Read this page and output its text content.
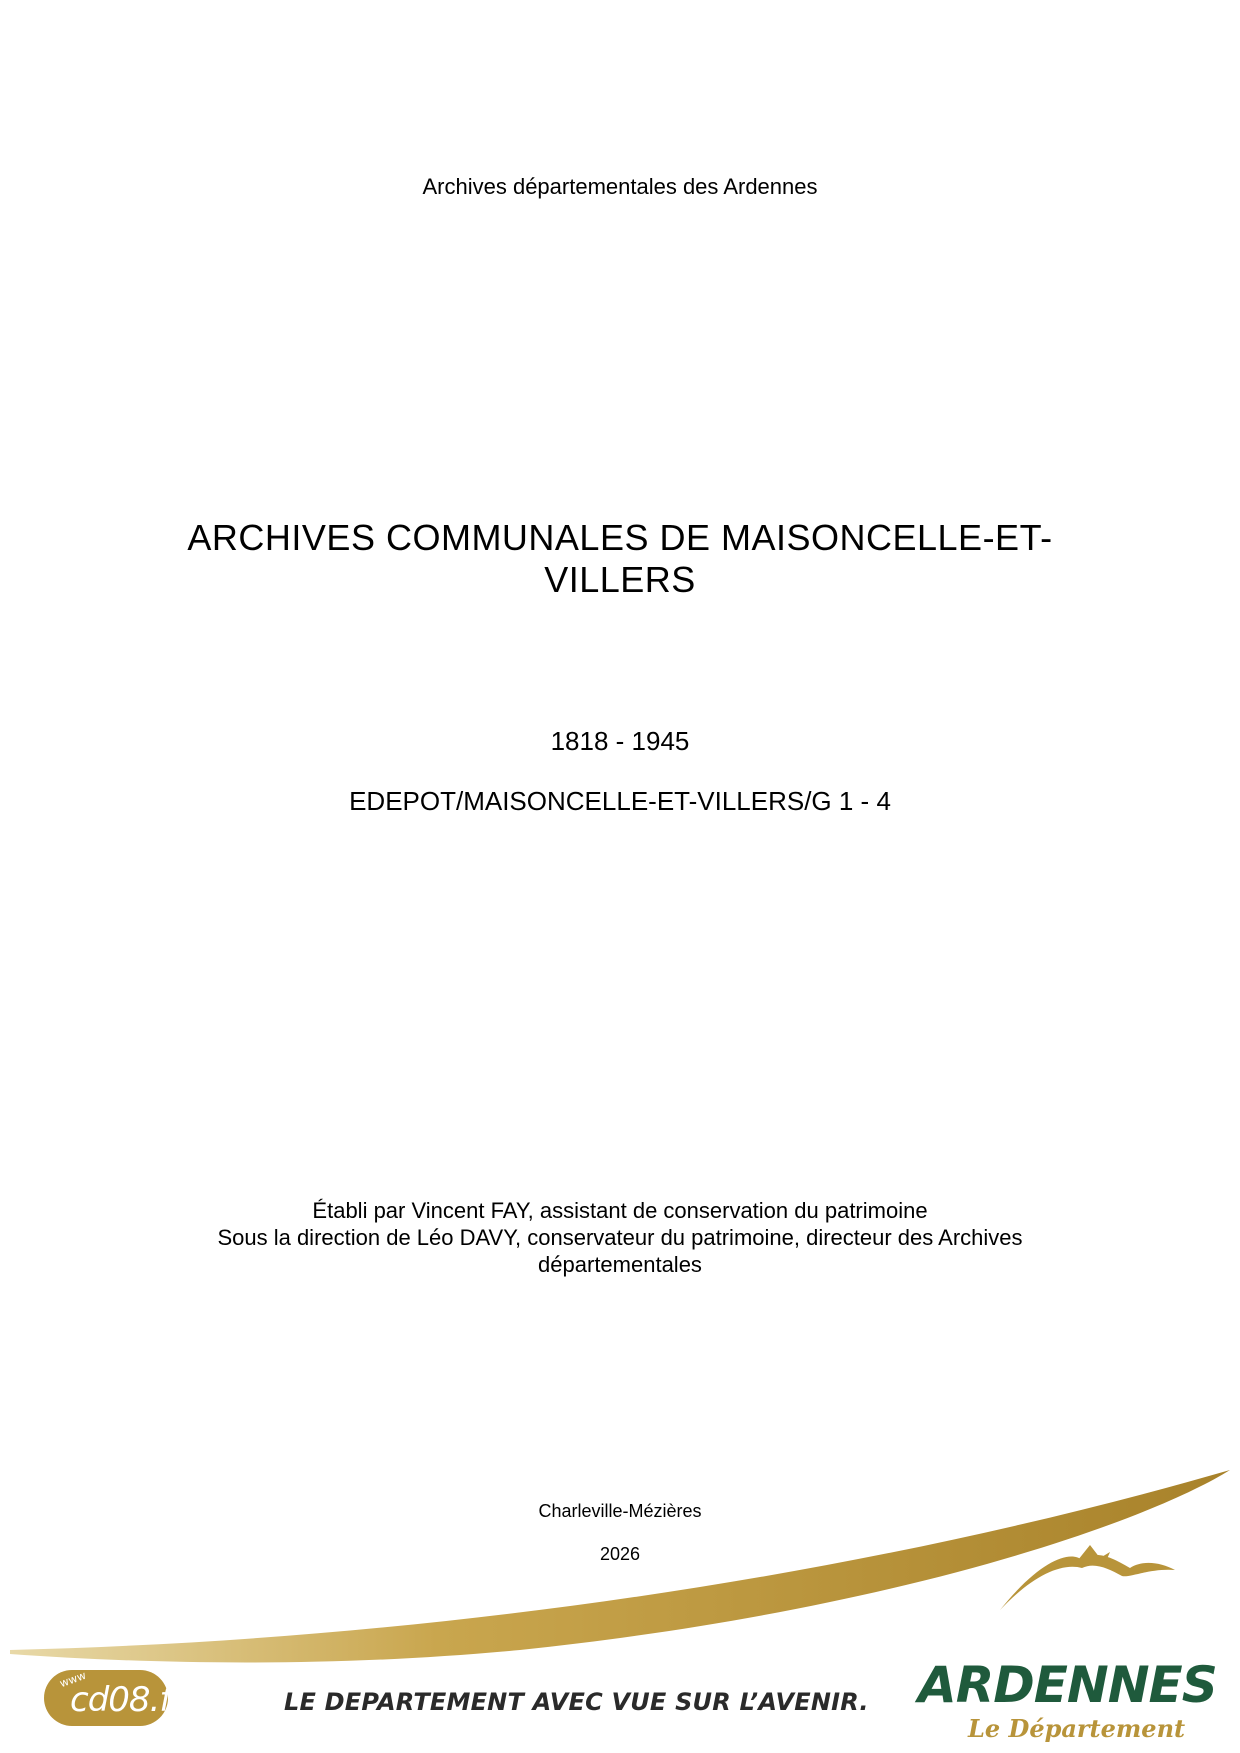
Archives départementales des Ardennes
ARCHIVES COMMUNALES DE MAISONCELLE-ET-
VILLERS
1818 - 1945
EDEPOT/MAISONCELLE-ET-VILLERS/G 1 - 4
Établi par Vincent FAY, assistant de conservation du patrimoine
Sous la direction de Léo DAVY, conservateur du patrimoine, directeur des Archives
départementales
Charleville-Mézières
2026
www
cd08.fr	LE DEPARTEMENT AVEC VUE SUR L’AVENIR. ARDENNES
Le Département
